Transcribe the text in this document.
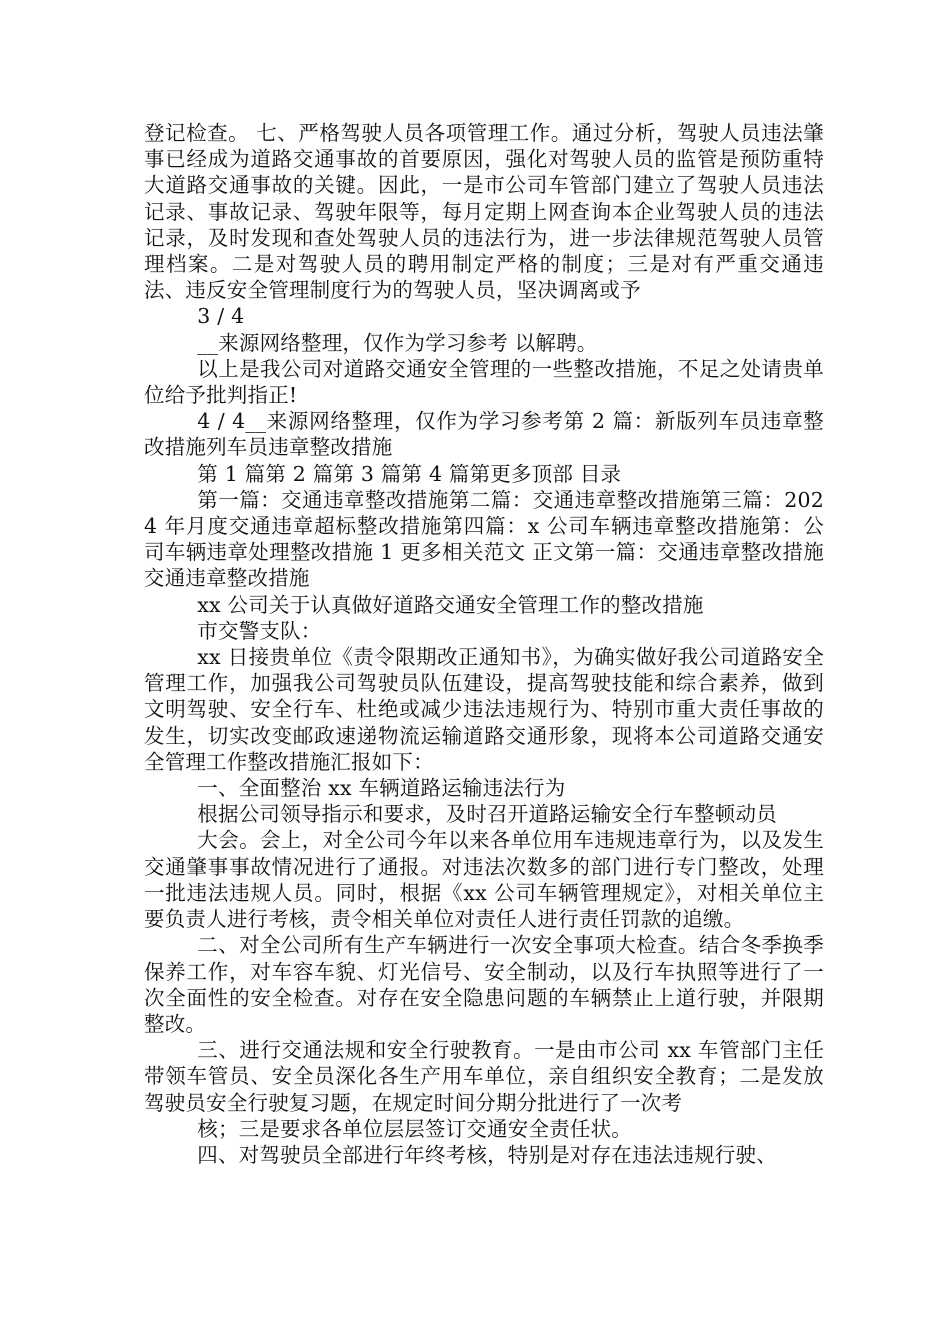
登记检查。 七、严格驾驶人员各项管理工作。通过分析，驾驶人员违法肇事已经成为道路交通事故的首要原因，强化对驾驶人员的监管是预防重特大道路交通事故的关键。因此，一是市公司车管部门建立了驾驶人员违法记录、事故记录、驾驶年限等，每月定期上网查询本企业驾驶人员的违法记录，及时发现和查处驾驶人员的违法行为，进一步法律规范驾驶人员管理档案。二是对驾驶人员的聘用制定严格的制度；三是对有严重交通违法、违反安全管理制度行为的驾驶人员，坚决调离或予

3 / 4

__来源网络整理，仅作为学习参考 以解聘。

以上是我公司对道路交通安全管理的一些整改措施，不足之处请贵单位给予批判指正!

4 / 4__来源网络整理，仅作为学习参考第 2 篇：新版列车员违章整改措施列车员违章整改措施

第 1 篇第 2 篇第 3 篇第 4 篇第更多顶部 目录

第一篇：交通违章整改措施第二篇：交通违章整改措施第三篇：2024 年月度交通违章超标整改措施第四篇：x 公司车辆违章整改措施第：公司车辆违章处理整改措施 1 更多相关范文 正文第一篇：交通违章整改措施交通违章整改措施

xx 公司关于认真做好道路交通安全管理工作的整改措施

市交警支队：

xx 日接贵单位《责令限期改正通知书》，为确实做好我公司道路安全管理工作，加强我公司驾驶员队伍建设，提高驾驶技能和综合素养，做到文明驾驶、安全行车、杜绝或减少违法违规行为、特别市重大责任事故的发生，切实改变邮政速递物流运输道路交通形象，现将本公司道路交通安全管理工作整改措施汇报如下：

一、全面整治 xx 车辆道路运输违法行为

根据公司领导指示和要求，及时召开道路运输安全行车整顿动员

大会。会上，对全公司今年以来各单位用车违规违章行为，以及发生交通肇事事故情况进行了通报。对违法次数多的部门进行专门整改，处理一批违法违规人员。同时，根据《xx 公司车辆管理规定》，对相关单位主要负责人进行考核，责令相关单位对责任人进行责任罚款的追缴。

二、对全公司所有生产车辆进行一次安全事项大检查。结合冬季换季保养工作，对车容车貌、灯光信号、安全制动，以及行车执照等进行了一次全面性的安全检查。对存在安全隐患问题的车辆禁止上道行驶，并限期整改。

三、进行交通法规和安全行驶教育。一是由市公司 xx 车管部门主任带领车管员、安全员深化各生产用车单位，亲自组织安全教育；二是发放驾驶员安全行驶复习题，在规定时间分期分批进行了一次考

核；三是要求各单位层层签订交通安全责任状。

四、对驾驶员全部进行年终考核，特别是对存在违法违规行驶、
